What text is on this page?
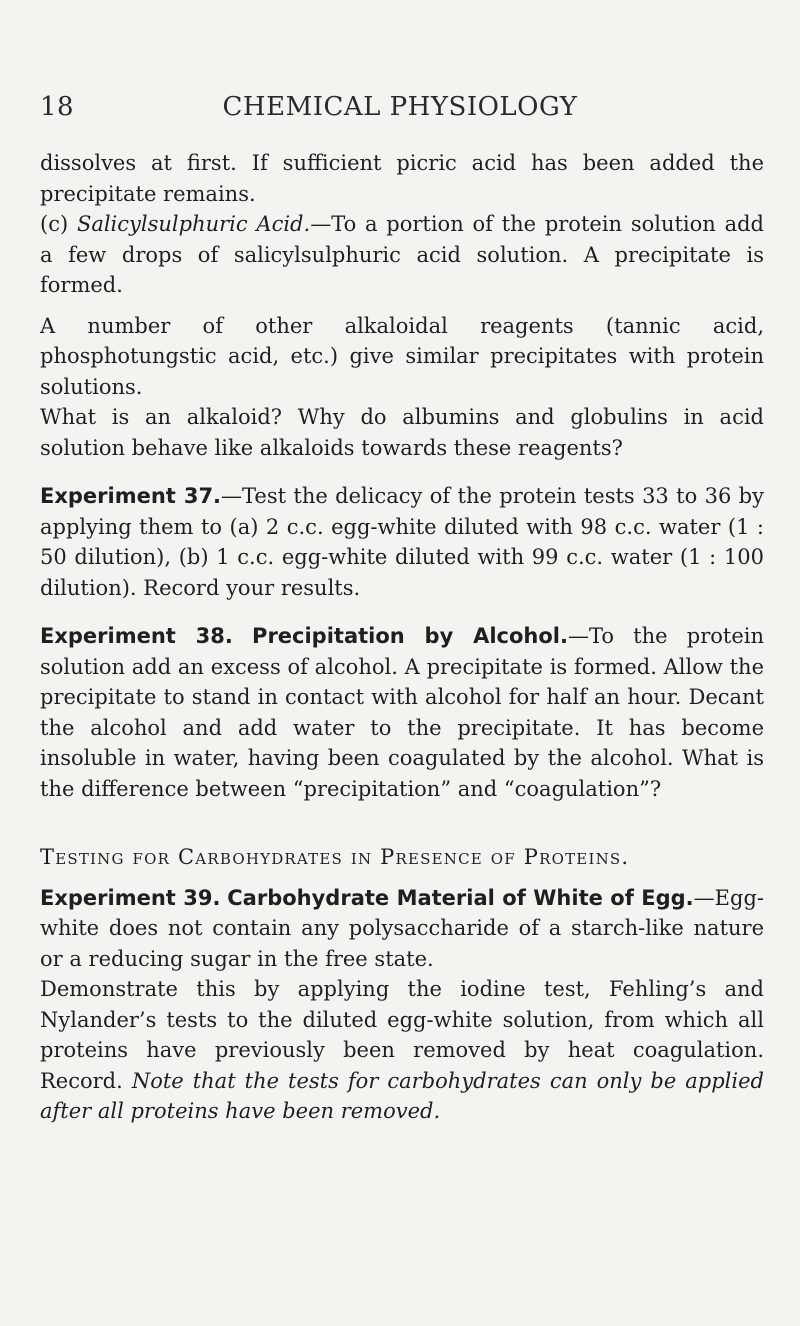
18	CHEMICAL PHYSIOLOGY

dissolves at first. If sufficient picric acid has been added the precipitate remains.

(c) Salicylsulphuric Acid.—To a portion of the protein solution add a few drops of salicylsulphuric acid solution. A precipitate is formed.

A number of other alkaloidal reagents (tannic acid, phosphotungstic acid, etc.) give similar precipitates with protein solutions.

What is an alkaloid? Why do albumins and globulins in acid solution behave like alkaloids towards these reagents?

Experiment 37.—Test the delicacy of the protein tests 33 to 36 by applying them to (a) 2 c.c. egg-white diluted with 98 c.c. water (1 : 50 dilution), (b) 1 c.c. egg-white diluted with 99 c.c. water (1 : 100 dilution). Record your results.

Experiment 38. Precipitation by Alcohol.—To the protein solution add an excess of alcohol. A precipitate is formed. Allow the precipitate to stand in contact with alcohol for half an hour. Decant the alcohol and add water to the precipitate. It has become insoluble in water, having been coagulated by the alcohol. What is the difference between “precipitation” and “coagulation”?

Testing for Carbohydrates in Presence of Proteins.

Experiment 39. Carbohydrate Material of White of Egg.—Egg-white does not contain any polysaccharide of a starch-like nature or a reducing sugar in the free state.

Demonstrate this by applying the iodine test, Fehling’s and Nylander’s tests to the diluted egg-white solution, from which all proteins have previously been removed by heat coagulation. Record. Note that the tests for carbohydrates can only be applied after all proteins have been removed.
